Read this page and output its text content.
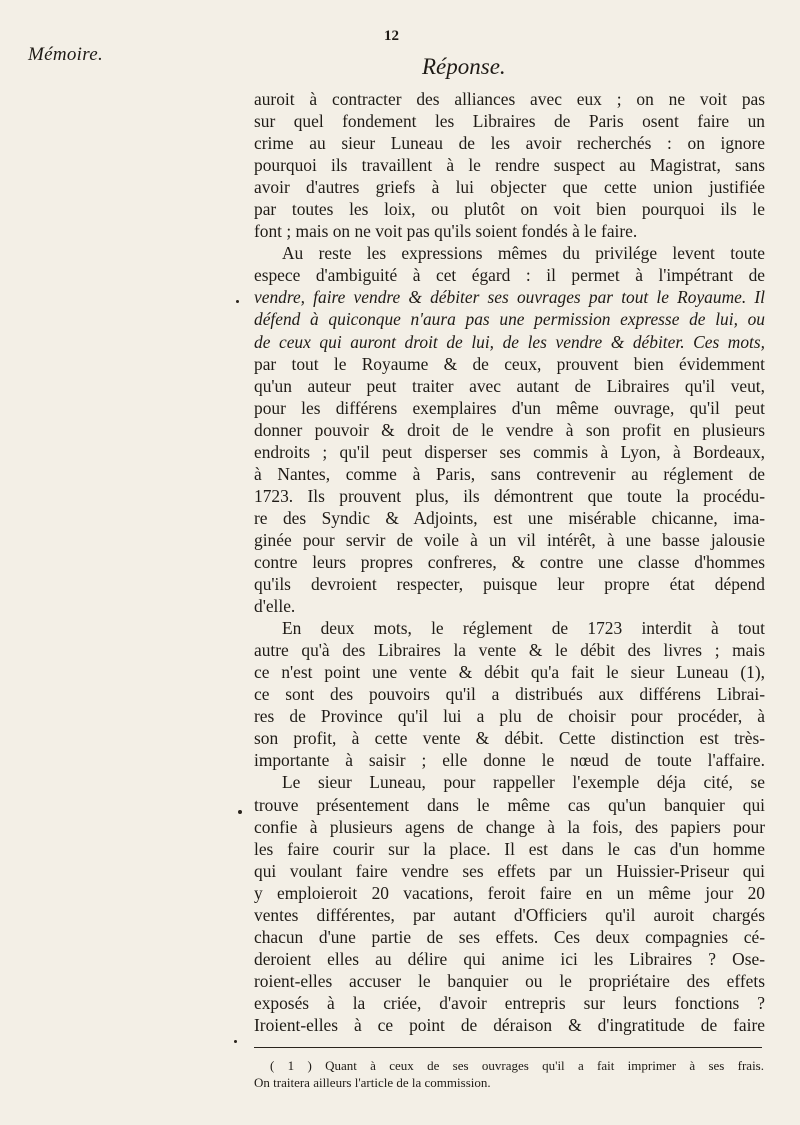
Mémoire.
12
Réponse.
auroit à contracter des alliances avec eux ; on ne voit pas
sur quel fondement les Libraires de Paris osent faire un
crime au sieur Luneau de les avoir recherchés : on ignore
pourquoi ils travaillent à le rendre suspect au Magistrat, sans
avoir d'autres griefs à lui objecter que cette union justifiée
par toutes les loix, ou plutôt on voit bien pourquoi ils le
font ; mais on ne voit pas qu'ils soient fondés à le faire.
Au reste les expressions mêmes du privilége levent toute
espece d'ambiguité à cet égard : il permet à l'impétrant de
vendre, faire vendre & débiter ses ouvrages par tout le Royaume. Il
défend à quiconque n'aura pas une permission expresse de lui, ou
de ceux qui auront droit de lui, de les vendre & débiter. Ces mots,
par tout le Royaume & de ceux, prouvent bien évidemment
qu'un auteur peut traiter avec autant de Libraires qu'il veut,
pour les différens exemplaires d'un même ouvrage, qu'il peut
donner pouvoir & droit de le vendre à son profit en plusieurs
endroits ; qu'il peut disperser ses commis à Lyon, à Bordeaux,
à Nantes, comme à Paris, sans contrevenir au réglement de
1723. Ils prouvent plus, ils démontrent que toute la procédu-
re des Syndic & Adjoints, est une misérable chicanne, ima-
ginée pour servir de voile à un vil intérêt, à une basse jalousie
contre leurs propres confreres, & contre une classe d'hommes
qu'ils devroient respecter, puisque leur propre état dépend
d'elle.
En deux mots, le réglement de 1723 interdit à tout
autre qu'à des Libraires la vente & le débit des livres ; mais
ce n'est point une vente & débit qu'a fait le sieur Luneau (1),
ce sont des pouvoirs qu'il a distribués aux différens Librai-
res de Province qu'il lui a plu de choisir pour procéder, à
son profit, à cette vente & débit. Cette distinction est très-
importante à saisir ; elle donne le nœud de toute l'affaire.
Le sieur Luneau, pour rappeller l'exemple déja cité, se
trouve présentement dans le même cas qu'un banquier qui
confie à plusieurs agens de change à la fois, des papiers pour
les faire courir sur la place. Il est dans le cas d'un homme
qui voulant faire vendre ses effets par un Huissier-Priseur qui
y emploieroit 20 vacations, feroit faire en un même jour 20
ventes différentes, par autant d'Officiers qu'il auroit chargés
chacun d'une partie de ses effets. Ces deux compagnies cé-
deroient elles au délire qui anime ici les Libraires ? Ose-
roient-elles accuser le banquier ou le propriétaire des effets
exposés à la criée, d'avoir entrepris sur leurs fonctions ?
Iroient-elles à ce point de déraison & d'ingratitude de faire
( 1 ) Quant à ceux de ses ouvrages qu'il a fait imprimer à ses frais.
On traitera ailleurs l'article de la commission.
